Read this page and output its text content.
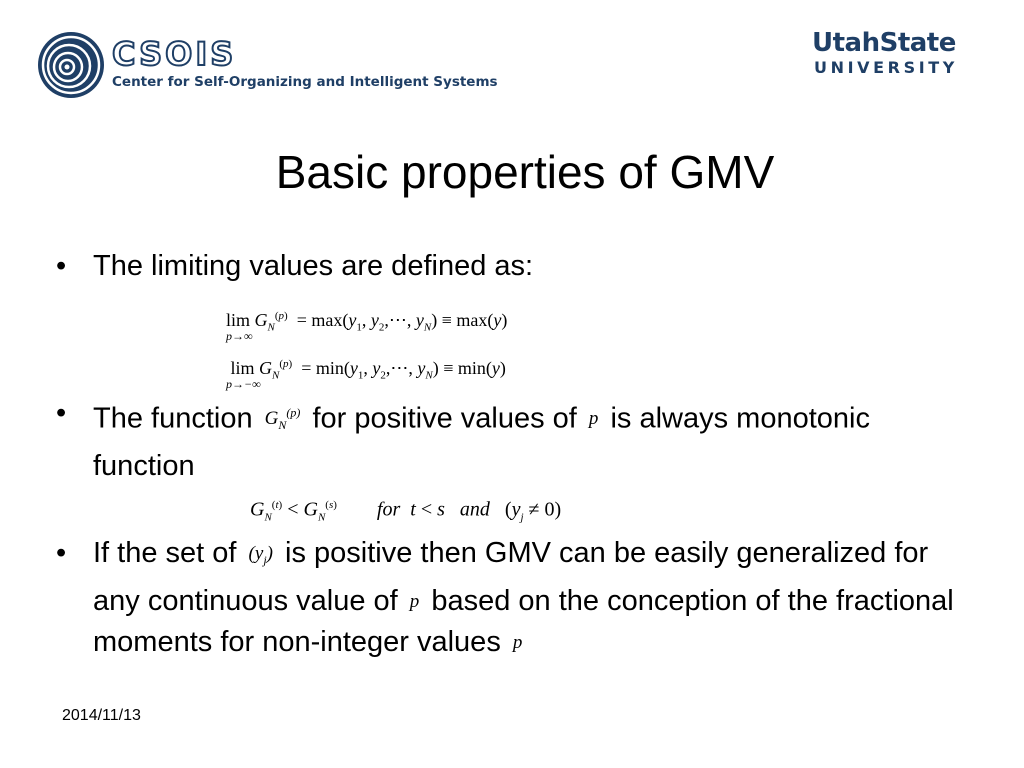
CSOIS
Center for Self-Organizing and Intelligent Systems
UtahState
UNIVERSITY
Basic properties of GMV
• The limiting values are defined as:
lim
p→∞
$G_N^{(p)} = \max(y_1$, $y_2,\cdots$, $y_N) \equiv \max(y)$
lim
p→−∞
$G_N^{(p)} = \min(y_1$, $y_2,\cdots$, $y_N) \equiv \min(y)$
• The function $G_N^{(p)}$ for positive values of p is always monotonic function
$G_N^{(t)} < G_N^{(s)}$ for t < s and   $(y_j \ne 0)$
• If the set of $(y_j)$ is positive then GMV can be easily generalized for any continuous value of p based on the conception of the fractional moments for non-integer values p
2014/11/13
